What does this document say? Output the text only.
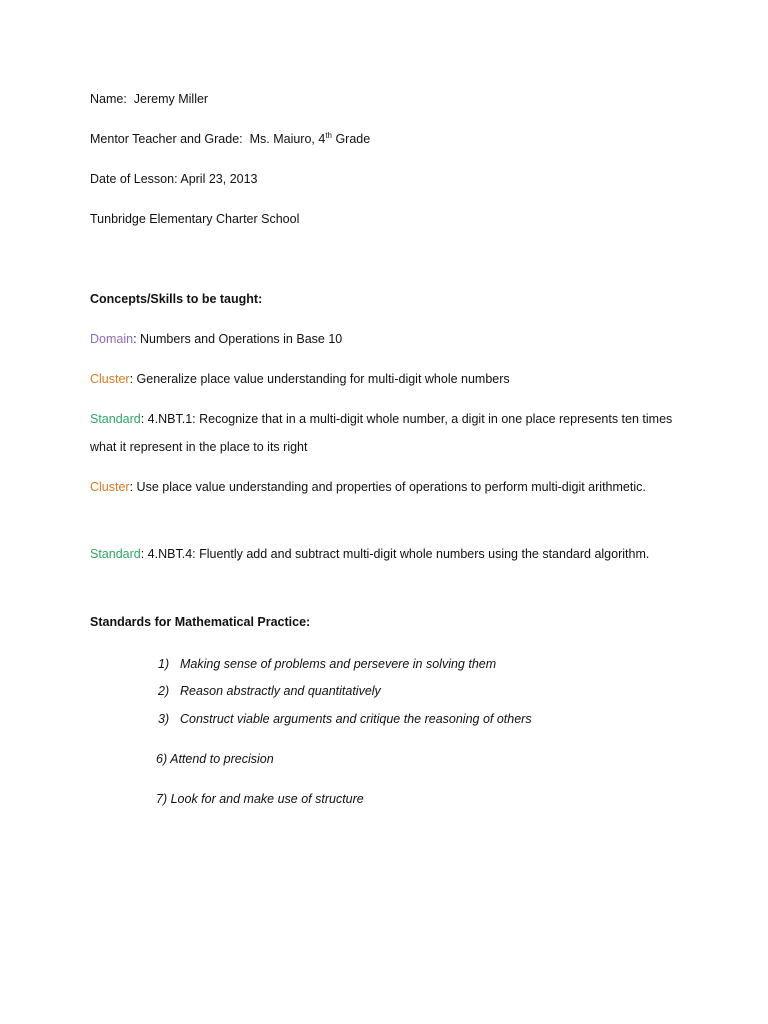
Name: Jeremy Miller
Mentor Teacher and Grade: Ms. Maiuro, 4th Grade
Date of Lesson: April 23, 2013
Tunbridge Elementary Charter School
Concepts/Skills to be taught:
Domain: Numbers and Operations in Base 10
Cluster: Generalize place value understanding for multi-digit whole numbers
Standard: 4.NBT.1: Recognize that in a multi-digit whole number, a digit in one place represents ten times what it represent in the place to its right
Cluster: Use place value understanding and properties of operations to perform multi-digit arithmetic.
Standard: 4.NBT.4: Fluently add and subtract multi-digit whole numbers using the standard algorithm.
Standards for Mathematical Practice:
1) Making sense of problems and persevere in solving them
2) Reason abstractly and quantitatively
3) Construct viable arguments and critique the reasoning of others
6) Attend to precision
7) Look for and make use of structure
